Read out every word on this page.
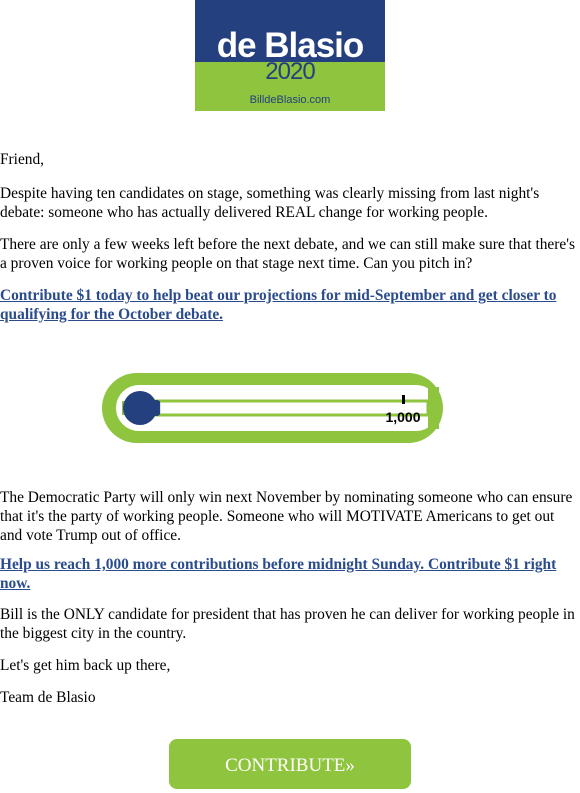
de Blasio
2020
BilldeBlasio.com

Friend,

Despite having ten candidates on stage, something was clearly missing from last night's debate: someone who has actually delivered REAL change for working people.

There are only a few weeks left before the next debate, and we can still make sure that there's a proven voice for working people on that stage next time. Can you pitch in?

Contribute $1 today to help beat our projections for mid-September and get closer to qualifying for the October debate.

1,000

The Democratic Party will only win next November by nominating someone who can ensure that it's the party of working people. Someone who will MOTIVATE Americans to get out and vote Trump out of office.

Help us reach 1,000 more contributions before midnight Sunday. Contribute $1 right now.

Bill is the ONLY candidate for president that has proven he can deliver for working people in the biggest city in the country.

Let's get him back up there,

Team de Blasio

CONTRIBUTE»
